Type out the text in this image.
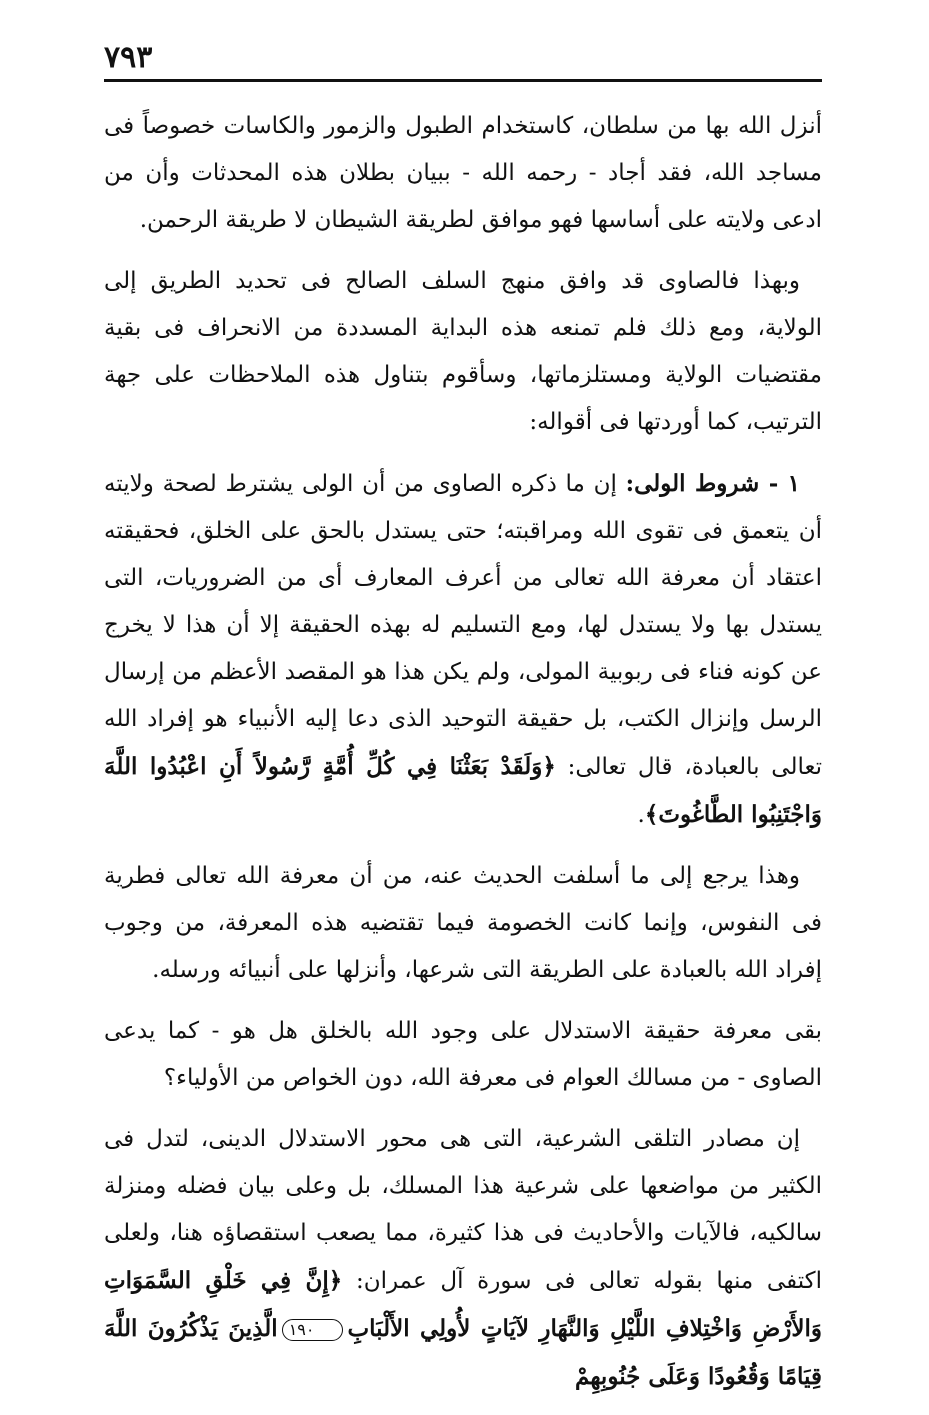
٧٩٣

أنزل الله بها من سلطان، كاستخدام الطبول والزمور والكاسات خصوصاً فى مساجد الله، فقد أجاد - رحمه الله - ببيان بطلان هذه المحدثات وأن من ادعى ولايته على أساسها فهو موافق لطريقة الشيطان لا طريقة الرحمن.

وبهذا فالصاوى قد وافق منهج السلف الصالح فى تحديد الطريق إلى الولاية، ومع ذلك فلم تمنعه هذه البداية المسددة من الانحراف فى بقية مقتضيات الولاية ومستلزماتها، وسأقوم بتناول هذه الملاحظات على جهة الترتيب، كما أوردتها فى أقواله:

١ - شروط الولى: إن ما ذكره الصاوى من أن الولى يشترط لصحة ولايته أن يتعمق فى تقوى الله ومراقبته؛ حتى يستدل بالحق على الخلق، فحقيقته اعتقاد أن معرفة الله تعالى من أعرف المعارف أى من الضروريات، التى يستدل بها ولا يستدل لها، ومع التسليم له بهذه الحقيقة إلا أن هذا لا يخرج عن كونه فناء فى ربوبية المولى، ولم يكن هذا هو المقصد الأعظم من إرسال الرسل وإنزال الكتب، بل حقيقة التوحيد الذى دعا إليه الأنبياء هو إفراد الله تعالى بالعبادة، قال تعالى: ﴿وَلَقَدْ بَعَثْنَا فِي كُلِّ أُمَّةٍ رَّسُولاً أَنِ اعْبُدُوا اللَّهَ وَاجْتَنِبُوا الطَّاغُوتَ﴾.

وهذا يرجع إلى ما أسلفت الحديث عنه، من أن معرفة الله تعالى فطرية فى النفوس، وإنما كانت الخصومة فيما تقتضيه هذه المعرفة، من وجوب إفراد الله بالعبادة على الطريقة التى شرعها، وأنزلها على أنبيائه ورسله.

بقى معرفة حقيقة الاستدلال على وجود الله بالخلق هل هو - كما يدعى الصاوى - من مسالك العوام فى معرفة الله، دون الخواص من الأولياء؟

إن مصادر التلقى الشرعية، التى هى محور الاستدلال الدينى، لتدل فى الكثير من مواضعها على شرعية هذا المسلك، بل وعلى بيان فضله ومنزلة سالكيه، فالآيات والأحاديث فى هذا كثيرة، مما يصعب استقصاؤه هنا، ولعلى اكتفى منها بقوله تعالى فى سورة آل عمران: ﴿إِنَّ فِي خَلْقِ السَّمَوَاتِ وَالأَرْضِ وَاخْتِلافِ اللَّيْلِ وَالنَّهَارِ لآيَاتٍ لأُولِي الأَلْبَابِ١٩٠الَّذِينَ يَذْكُرُونَ اللَّهَ قِيَامًا وَقُعُودًا وَعَلَى جُنُوبِهِمْ
